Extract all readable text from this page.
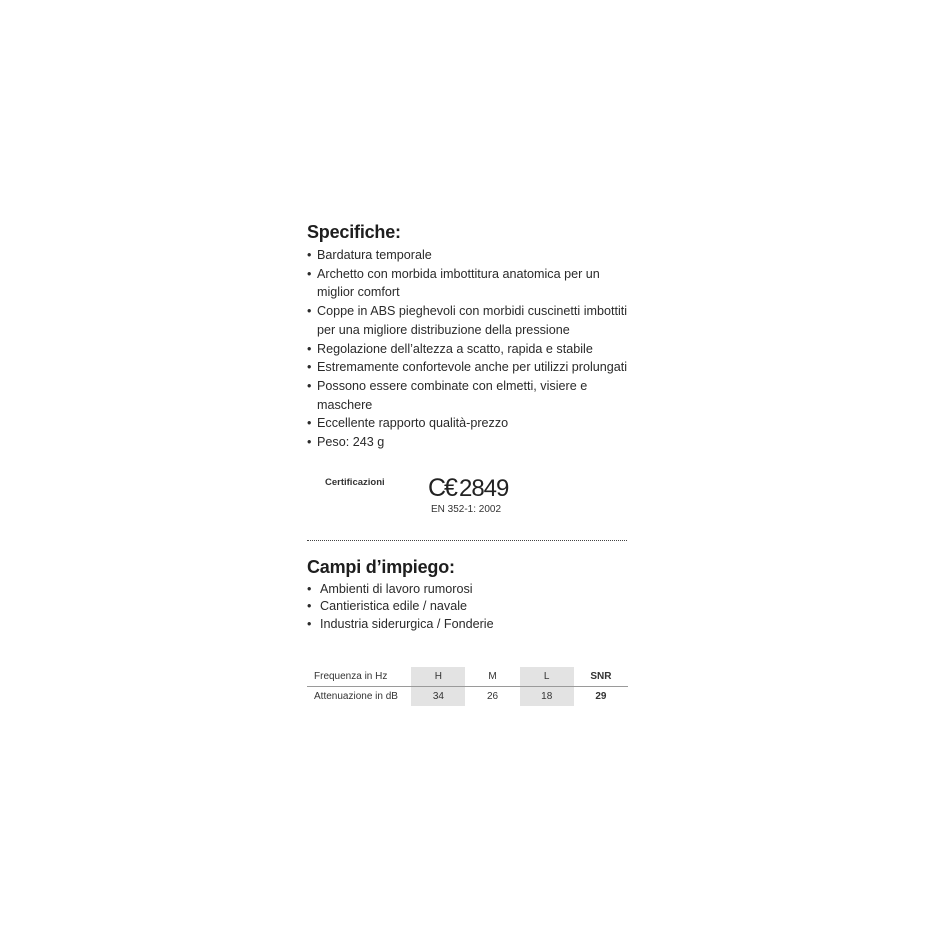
Specifiche:
• Bardatura temporale
• Archetto con morbida imbottitura anatomica per un miglior comfort
• Coppe in ABS pieghevoli con morbidi cuscinetti imbottiti per una migliore distribuzione della pressione
• Regolazione dell’altezza a scatto, rapida e stabile
• Estremamente confortevole anche per utilizzi prolungati
• Possono essere combinate con elmetti, visiere e maschere
• Eccellente rapporto qualità-prezzo
• Peso: 243 g
Certificazioni C€ 2849
EN 352-1: 2002
Campi d’impiego:
• Ambienti di lavoro rumorosi
• Cantieristica edile / navale
• Industria siderurgica / Fonderie
Frequenza in Hz	H	M	L	SNR
Attenuazione in dB	34	26	18	29
